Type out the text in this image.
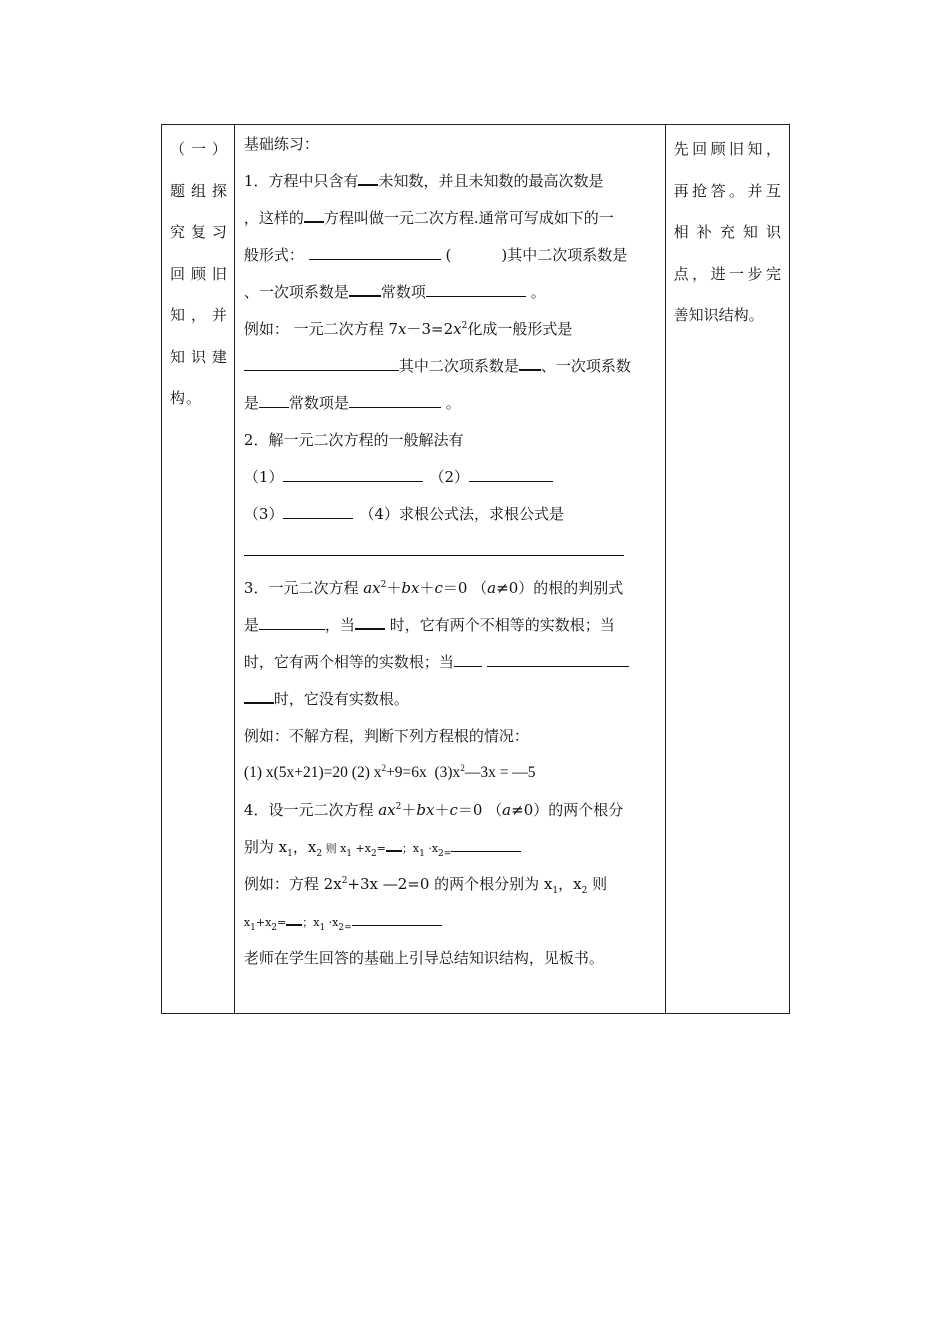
（一）
题组探
究复习
回顾旧
知，并
知识建
构。

基础练习：
1．方程中只含有 未知数，并且未知数的最高次数是
，这样的 方程叫做一元二次方程.通常可写成如下的一
般形式：	(	)其中二次项系数是
、一次项系数是 常数项	。
例如： 一元二次方程 $7x-3=2x^2$化成一般形式是
其中二次项系数是 、一次项系数
是 常数项是	。
2．解一元二次方程的一般解法有
（1）	（2）
（3）	（4）求根公式法，求根公式是
3．一元二次方程 $ax^2+bx+c=0$ （a≠0）的根的判别式
是	，当 时，它有两个不相等的实数根；当
时，它有两个相等的实数根；当
时，它没有实数根。
例如：不解方程，判断下列方程根的情况：
(1) x(5x+21)=20 (2) $x^2+9=6x$ $(3)x^2—3x$ = —5
4．设一元二次方程 $ax^2+bx+c=0$ （a≠0）的两个根分
别为 $x_1$，$x_2$ 则 $x_1 +x_2=$ ；$x_1 \cdot x_{2=}$
例如：方程 $2x^2+3x$ —2=0 的两个根分别为 $x_1$，$x_2$ 则
$x_1+x_2=$ ；$x_1 \cdot x_{2=}$
老师在学生回答的基础上引导总结知识结构，见板书。

先回顾旧知，
再抢答。并互
相补充知识
点，进一步完
善知识结构。
